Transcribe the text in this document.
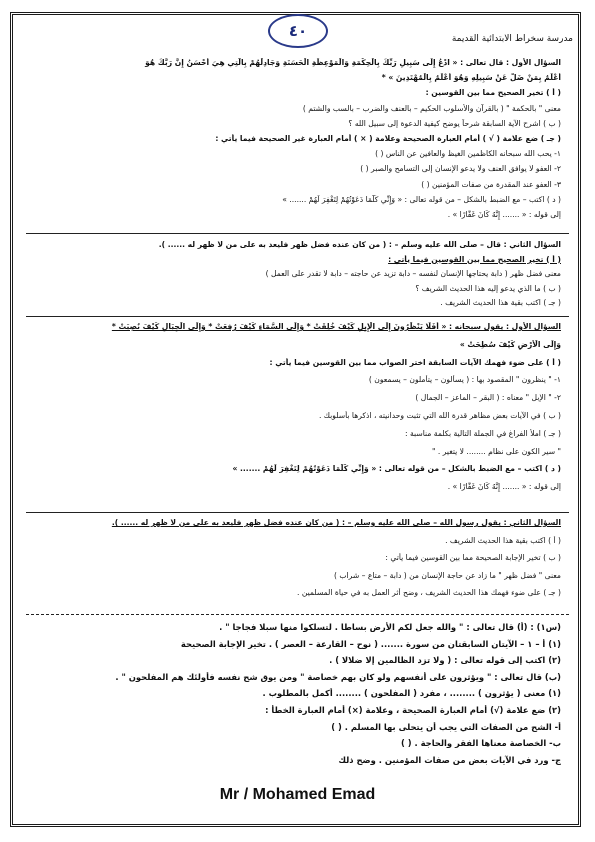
٤٠	مدرسة سخراط الابتدائية القديمة
السؤال الأول : قال تعالى : « ادْعُ إِلَى سَبِيلِ رَبِّكَ بِالْحِكْمَةِ وَالْمَوْعِظَةِ الْحَسَنَةِ وَجَادِلْهُمْ بِالَّتِي هِيَ أَحْسَنُ إِنَّ رَبَّكَ هُوَ
أَعْلَمُ بِمَنْ ضَلَّ عَنْ سَبِيلِهِ وَهُوَ أَعْلَمُ بِالْمُهْتَدِينَ » *
( أ ) تخير الصحيح مما بين القوسين :
معنى " بالحكمة " ( بالقرآن والأسلوب الحكيم – بالعنف والضرب – بالسب والشتم )
( ب ) اشرح الآية السابقة شرحاً يوضح كيفية الدعوة إلى سبيل الله ؟
( جـ ) ضع علامة ( √ ) أمام العبارة الصحيحة وعلامة ( × ) أمام العبارة غير الصحيحة فيما يأتي :
١- يحب الله سبحانه الكاظمين الغيظ والعافين عن الناس ( )
٢- العفو لا يوافق العنف ولا يدعو الإنسان إلى التسامح والصبر ( )
٣- العفو عند المقدرة من صفات المؤمنين ( )
( د ) اكتب – مع الضبط بالشكل – من قوله تعالى : « وَإِنِّي كُلَّمَا دَعَوْتُهُمْ لِتَغْفِرَ لَهُمْ ....... »
إلى قوله : « ....... إِنَّهُ كَانَ غَفَّارًا » .
السؤال الثاني : قال – صلى الله عليه وسلم – : ( من كان عنده فضل ظهر فليعد به على من لا ظهر له ...... ).
( أ ) تخير الصحيح مما بين القوسين فيما يأتي :
معنى فضل ظهر ( دابة يحتاجها الإنسان لنفسه – دابة تزيد عن حاجته – دابة لا تقدر على العمل )
( ب ) ما الذي يدعو إليه هذا الحديث الشريف ؟
( جـ ) اكتب بقية هذا الحديث الشريف .
السؤال الأول : يقول سبحانه : « أَفَلَا يَنْظُرُونَ إِلَى الْإِبِلِ كَيْفَ خُلِقَتْ * وَإِلَى السَّمَاءِ كَيْفَ رُفِعَتْ * وَإِلَى الْجِبَالِ كَيْفَ نُصِبَتْ *
وَإِلَى الْأَرْضِ كَيْفَ سُطِحَتْ »
( أ ) على ضوء فهمك الآيات السابقة اختر الصواب مما بين القوسين فيما يأتي :
١- " ينظرون " المقصود بها : ( يسألون – يتأملون – يسمعون )
٢- " الإبل " معناه : ( البقر – الماعز – الجمال )
( ب ) في الآيات بعض مظاهر قدرة الله التي تثبت وحدانيته ، اذكرها بأسلوبك .
( جـ ) املأ الفراغ في الجملة التالية بكلمة مناسبة :
" سير الكون على نظام ........ لا يتغير . "
( د ) اكتب – مع الضبط بالشكل – من قوله تعالى : « وَإِنِّي كُلَّمَا دَعَوْتُهُمْ لِتَغْفِرَ لَهُمْ ....... »
إلى قوله : « ....... إِنَّهُ كَانَ غَفَّارًا » .
السؤال الثاني : يقول رسول الله – صلى الله عليه وسلم – : ( من كان عنده فضل ظهر فليعد به على من لا ظهر له ...... ).
( أ ) اكتب بقية هذا الحديث الشريف .
( ب ) تخير الإجابة الصحيحة مما بين القوسين فيما يأتي :
معنى " فضل ظهر " ما زاد عن حاجة الإنسان من ( دابة – متاع – شراب )
( جـ ) على ضوء فهمك هذا الحديث الشريف ، وضح أثر العمل به في حياة المسلمين .
(س١) : (أ) قال تعالى : " والله جعل لكم الأرض بساطا . لتسلكوا منها سبلا فجاجا " .
(١) أ – ١ – الآيتان السابقتان من سورة ....... ( نوح – القارعة – العصر ) . تخير الإجابة الصحيحة
(٢) اكتب إلى قوله تعالى : ( ولا تزد الظالمين إلا ضلالا ) .
(ب) قال تعالى : " ويؤثرون على أنفسهم ولو كان بهم خصاصة " ومن يوق شح نفسه فأولئك هم المفلحون " .
(١) معنى ( يؤثرون ) ........ ، مفرد ( المفلحون ) ........ أكمل بالمطلوب .
(٢) ضع علامة (√) أمام العبارة الصحيحة ، وعلامة (×) أمام العبارة الخطأ :
أ- الشح من الصفات التي يجب أن يتحلى بها المسلم . ( )
ب- الخصاصة معناها الفقر والحاجة . ( )
ج- ورد في الآيات بعض من صفات المؤمنين . وضح ذلك
Mr / Mohamed Emad
